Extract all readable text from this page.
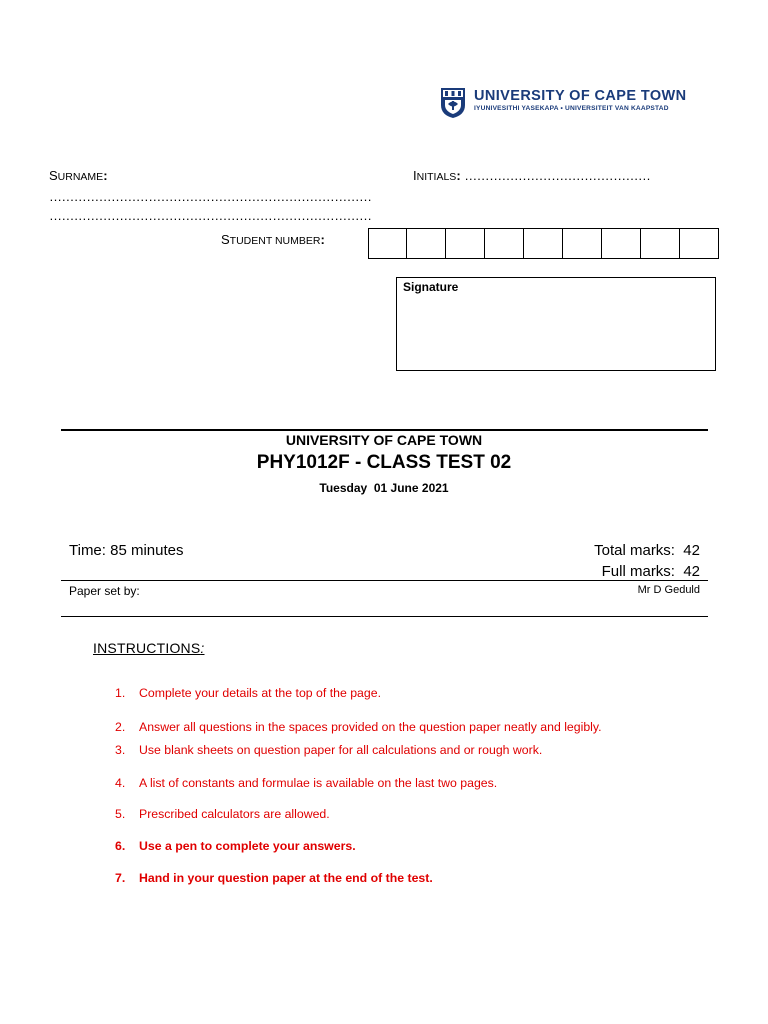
UNIVERSITY OF CAPE TOWN
IYUNIVESITHI YASEKAPA • UNIVERSITEIT VAN KAAPSTAD
SURNAME:	INITIALS: ………………………………………
……………………………………………………………………
……………………………………………………………………
STUDENT NUMBER:
Signature
UNIVERSITY OF CAPE TOWN
PHY1012F - CLASS TEST 02
Tuesday  01 June 2021
Time: 85 minutes	Total marks:  42
Full marks:  42
Paper set by:	Mr D Geduld
INSTRUCTIONS:
1. Complete your details at the top of the page.
2. Answer all questions in the spaces provided on the question paper neatly and legibly.
3. Use blank sheets on question paper for all calculations and or rough work.
4. A list of constants and formulae is available on the last two pages.
5. Prescribed calculators are allowed.
6. Use a pen to complete your answers.
7. Hand in your question paper at the end of the test.
